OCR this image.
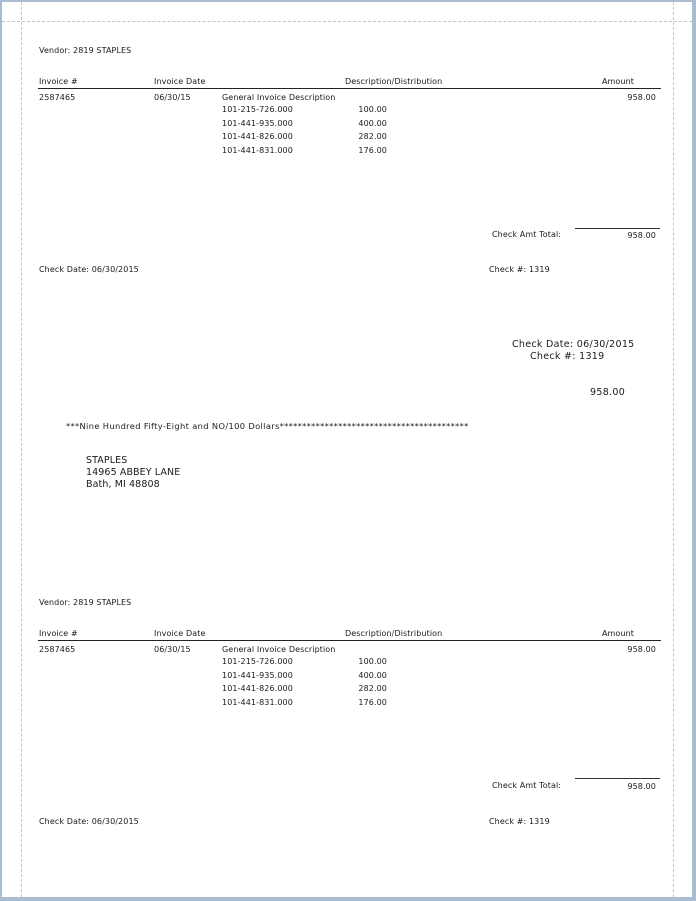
Vendor: 2819 STAPLES
Invoice #	Invoice Date	Description/Distribution	Amount
2587465	06/30/15	General Invoice Description	958.00
101-215-726.000	100.00
101-441-935.000	400.00
101-441-826.000	282.00
101-441-831.000	176.00
Check Amt Total:	958.00
Check Date: 06/30/2015	Check #: 1319
Check Date: 06/30/2015
Check #: 1319
958.00
***Nine Hundred Fifty-Eight and NO/100 Dollars******************************************
STAPLES
14965 ABBEY LANE
Bath, MI 48808
Vendor: 2819 STAPLES
Invoice #	Invoice Date	Description/Distribution	Amount
2587465	06/30/15	General Invoice Description	958.00
101-215-726.000	100.00
101-441-935.000	400.00
101-441-826.000	282.00
101-441-831.000	176.00
Check Amt Total:	958.00
Check Date: 06/30/2015	Check #: 1319
